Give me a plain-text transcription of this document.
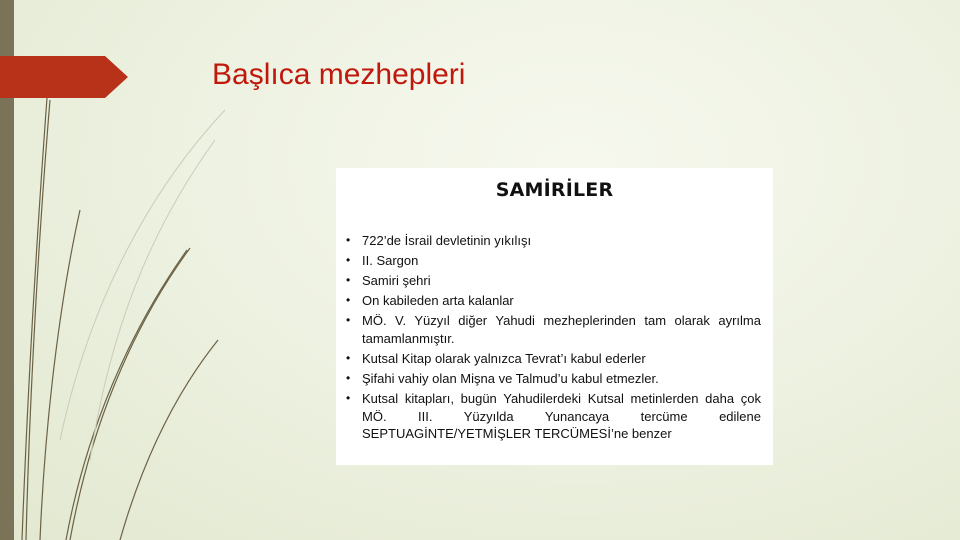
Başlıca mezhepleri
SAMİRİLER
• 722’de İsrail devletinin yıkılışı
• II. Sargon
• Samiri şehri
• On kabileden arta kalanlar
• MÖ. V. Yüzyıl diğer Yahudi mezheplerinden tam olarak ayrılma tamamlanmıştır.
• Kutsal Kitap olarak yalnızca Tevrat’ı kabul ederler
• Şifahi vahiy olan Mişna ve Talmud’u kabul etmezler.
• Kutsal kitapları, bugün Yahudilerdeki Kutsal metinlerden daha çok MÖ. III. Yüzyılda Yunancaya tercüme edilene SEPTUAGİNTE/YETMİŞLER TERCÜMESİ’ne benzer
